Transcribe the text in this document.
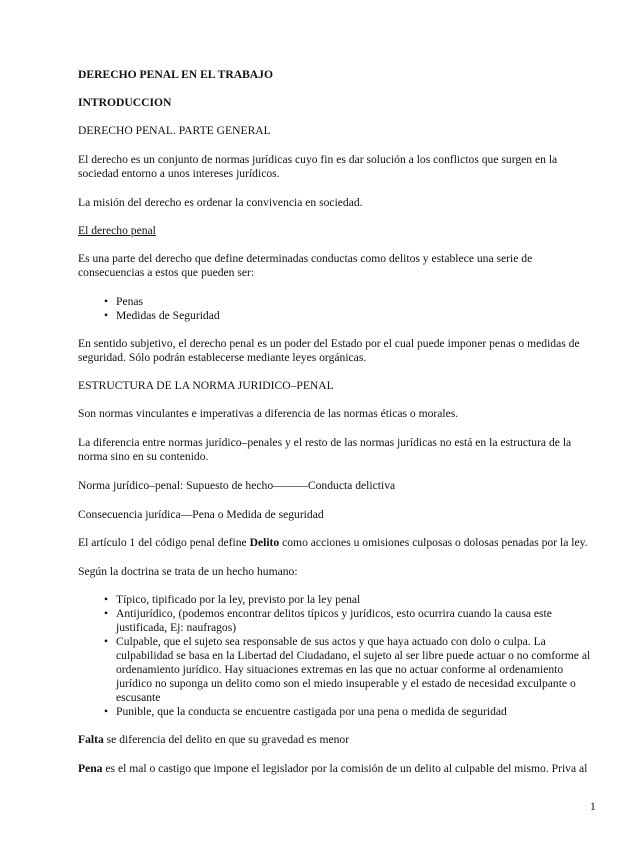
DERECHO PENAL EN EL TRABAJO
INTRODUCCION
DERECHO PENAL. PARTE GENERAL
El derecho es un conjunto de normas jurídicas cuyo fin es dar solución a los conflictos que surgen en la
sociedad entorno a unos intereses jurídicos.
La misión del derecho es ordenar la convivencia en sociedad.
El derecho penal
Es una parte del derecho que define determinadas conductas como delitos y establece una serie de
consecuencias a estos que pueden ser:
• Penas
• Medidas de Seguridad
En sentido subjetivo, el derecho penal es un poder del Estado por el cual puede imponer penas o medidas de
seguridad. Sólo podrán establecerse mediante leyes orgánicas.
ESTRUCTURA DE LA NORMA JURIDICO–PENAL
Son normas vinculantes e imperativas a diferencia de las normas éticas o morales.
La diferencia entre normas jurídico–penales y el resto de las normas jurídicas no está en la estructura de la
norma sino en su contenido.
Norma jurídico–penal: Supuesto de hecho––––––Conducta delictiva
Consecuencia jurídica––Pena o Medida de seguridad
El artículo 1 del código penal define Delito como acciones u omisiones culposas o dolosas penadas por la ley.
Según la doctrina se trata de un hecho humano:
• Típico, tipificado por la ley, previsto por la ley penal
• Antijurídico, (podemos encontrar delitos típicos y jurídicos, esto ocurrira cuando la causa este
justificada, Ej: naufragos)
• Culpable, que el sujeto sea responsable de sus actos y que haya actuado con dolo o culpa. La
culpabilidad se basa en la Libertad del Ciudadano, el sujeto al ser libre puede actuar o no comforme al
ordenamiento jurídico. Hay situaciones extremas en las que no actuar conforme al ordenamiento
jurídico no suponga un delito como son el miedo insuperable y el estado de necesidad exculpante o
escusante
• Punible, que la conducta se encuentre castigada por una pena o medida de seguridad
Falta se diferencia del delito en que su gravedad es menor
Pena es el mal o castigo que impone el legislador por la comisión de un delito al culpable del mismo. Priva al
1
